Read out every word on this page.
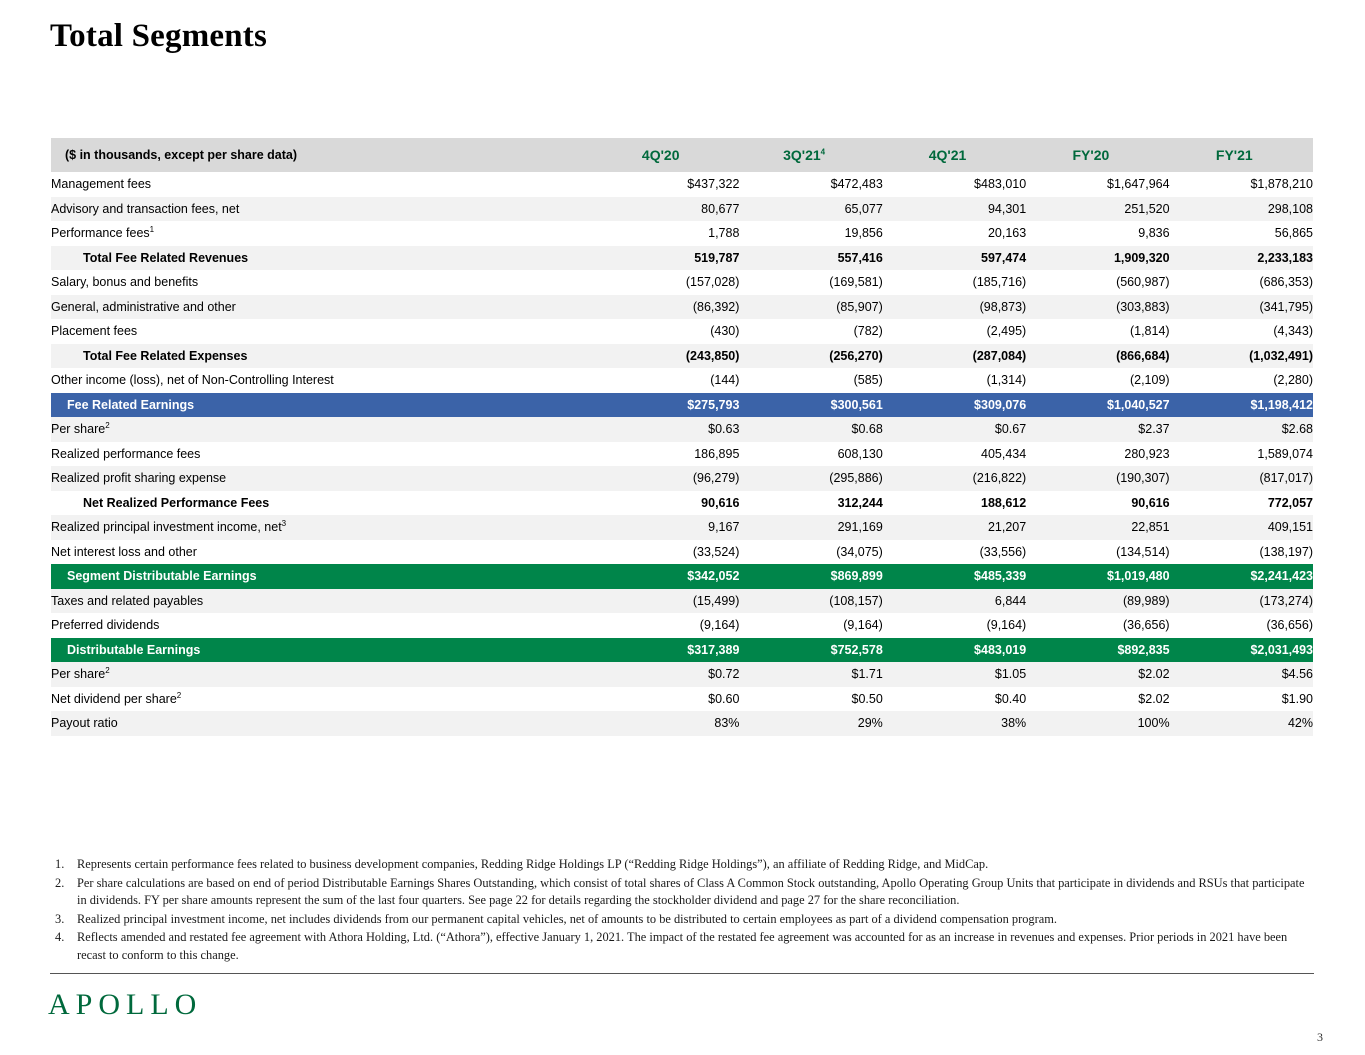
Total Segments
($ in thousands, except per share data)	4Q'20	$3Q'21^4$	4Q'21	FY'20	FY'21
Management fees	$437,322	$472,483	$483,010	$1,647,964	$1,878,210
Advisory and transaction fees, net	80,677	65,077	94,301	251,520	298,108
Performance fees$^1$	1,788	19,856	20,163	9,836	56,865
Total Fee Related Revenues	519,787	557,416	597,474	1,909,320	2,233,183
Salary, bonus and benefits	(157,028)	(169,581)	(185,716)	(560,987)	(686,353)
General, administrative and other	(86,392)	(85,907)	(98,873)	(303,883)	(341,795)
Placement fees	(430)	(782)	(2,495)	(1,814)	(4,343)
Total Fee Related Expenses	(243,850)	(256,270)	(287,084)	(866,684)	(1,032,491)
Other income (loss), net of Non-Controlling Interest	(144)	(585)	(1,314)	(2,109)	(2,280)
Fee Related Earnings	$275,793	$300,561	$309,076	$1,040,527	$1,198,412
Per share$^2$	$0.63	$0.68	$0.67	$2.37	$2.68
Realized performance fees	186,895	608,130	405,434	280,923	1,589,074
Realized profit sharing expense	(96,279)	(295,886)	(216,822)	(190,307)	(817,017)
Net Realized Performance Fees	90,616	312,244	188,612	90,616	772,057
Realized principal investment income, net$^3$	9,167	291,169	21,207	22,851	409,151
Net interest loss and other	(33,524)	(34,075)	(33,556)	(134,514)	(138,197)
Segment Distributable Earnings	$342,052	$869,899	$485,339	$1,019,480	$2,241,423
Taxes and related payables	(15,499)	(108,157)	6,844	(89,989)	(173,274)
Preferred dividends	(9,164)	(9,164)	(9,164)	(36,656)	(36,656)
Distributable Earnings	$317,389	$752,578	$483,019	$892,835	$2,031,493
Per share$^2$	$0.72	$1.71	$1.05	$2.02	$4.56
Net dividend per share$^2$	$0.60	$0.50	$0.40	$2.02	$1.90
Payout ratio	83%	29%	38%	100%	42%
1.	Represents certain performance fees related to business development companies, Redding Ridge Holdings LP (“Redding Ridge Holdings”), an affiliate of Redding Ridge, and MidCap.
2.	Per share calculations are based on end of period Distributable Earnings Shares Outstanding, which consist of total shares of Class A Common Stock outstanding, Apollo Operating Group Units that participate in dividends and RSUs that participate in dividends. FY per share amounts represent the sum of the last four quarters. See page 22 for details regarding the stockholder dividend and page 27 for the share reconciliation.
3.	Realized principal investment income, net includes dividends from our permanent capital vehicles, net of amounts to be distributed to certain employees as part of a dividend compensation program.
4.	Reflects amended and restated fee agreement with Athora Holding, Ltd. (“Athora”), effective January 1, 2021. The impact of the restated fee agreement was accounted for as an increase in revenues and expenses. Prior periods in 2021 have been recast to conform to this change.
APOLLO
3
